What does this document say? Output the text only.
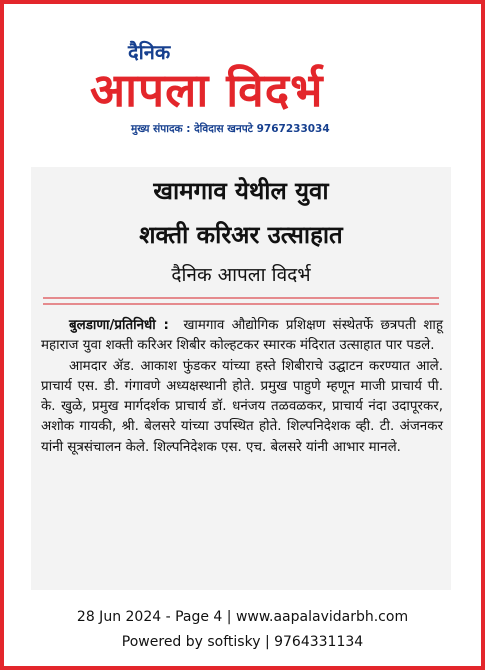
दैनिक
आपला विदर्भ
मुख्य संपादक : देविदास खनपटे 9767233034
खामगाव येथील युवा
शक्ती करिअर उत्साहात
दैनिक आपला विदर्भ

बुलडाणा/प्रतिनिधी : खामगाव औद्योगिक प्रशिक्षण संस्थेतर्फे छत्रपती शाहू महाराज युवा शक्ती करिअर शिबीर कोल्हटकर स्मारक मंदिरात उत्साहात पार पडले.

आमदार ॲड. आकाश फुंडकर यांच्या हस्ते शिबीराचे उद्घाटन करण्यात आले. प्राचार्य एस. डी. गंगावणे अध्यक्षस्थानी होते. प्रमुख पाहुणे म्हणून माजी प्राचार्य पी. के. खुळे, प्रमुख मार्गदर्शक प्राचार्य डॉ. धनंजय तळवळकर, प्राचार्य नंदा उदापूरकर, अशोक गायकी, श्री. बेलसरे यांच्या उपस्थित होते. शिल्पनिदेशक व्ही. टी. अंजनकर यांनी सूत्रसंचालन केले. शिल्पनिदेशक एस. एच. बेलसरे यांनी आभार मानले.

28 Jun 2024 - Page 4 | www.aapalavidarbh.com
Powered by softisky | 9764331134
